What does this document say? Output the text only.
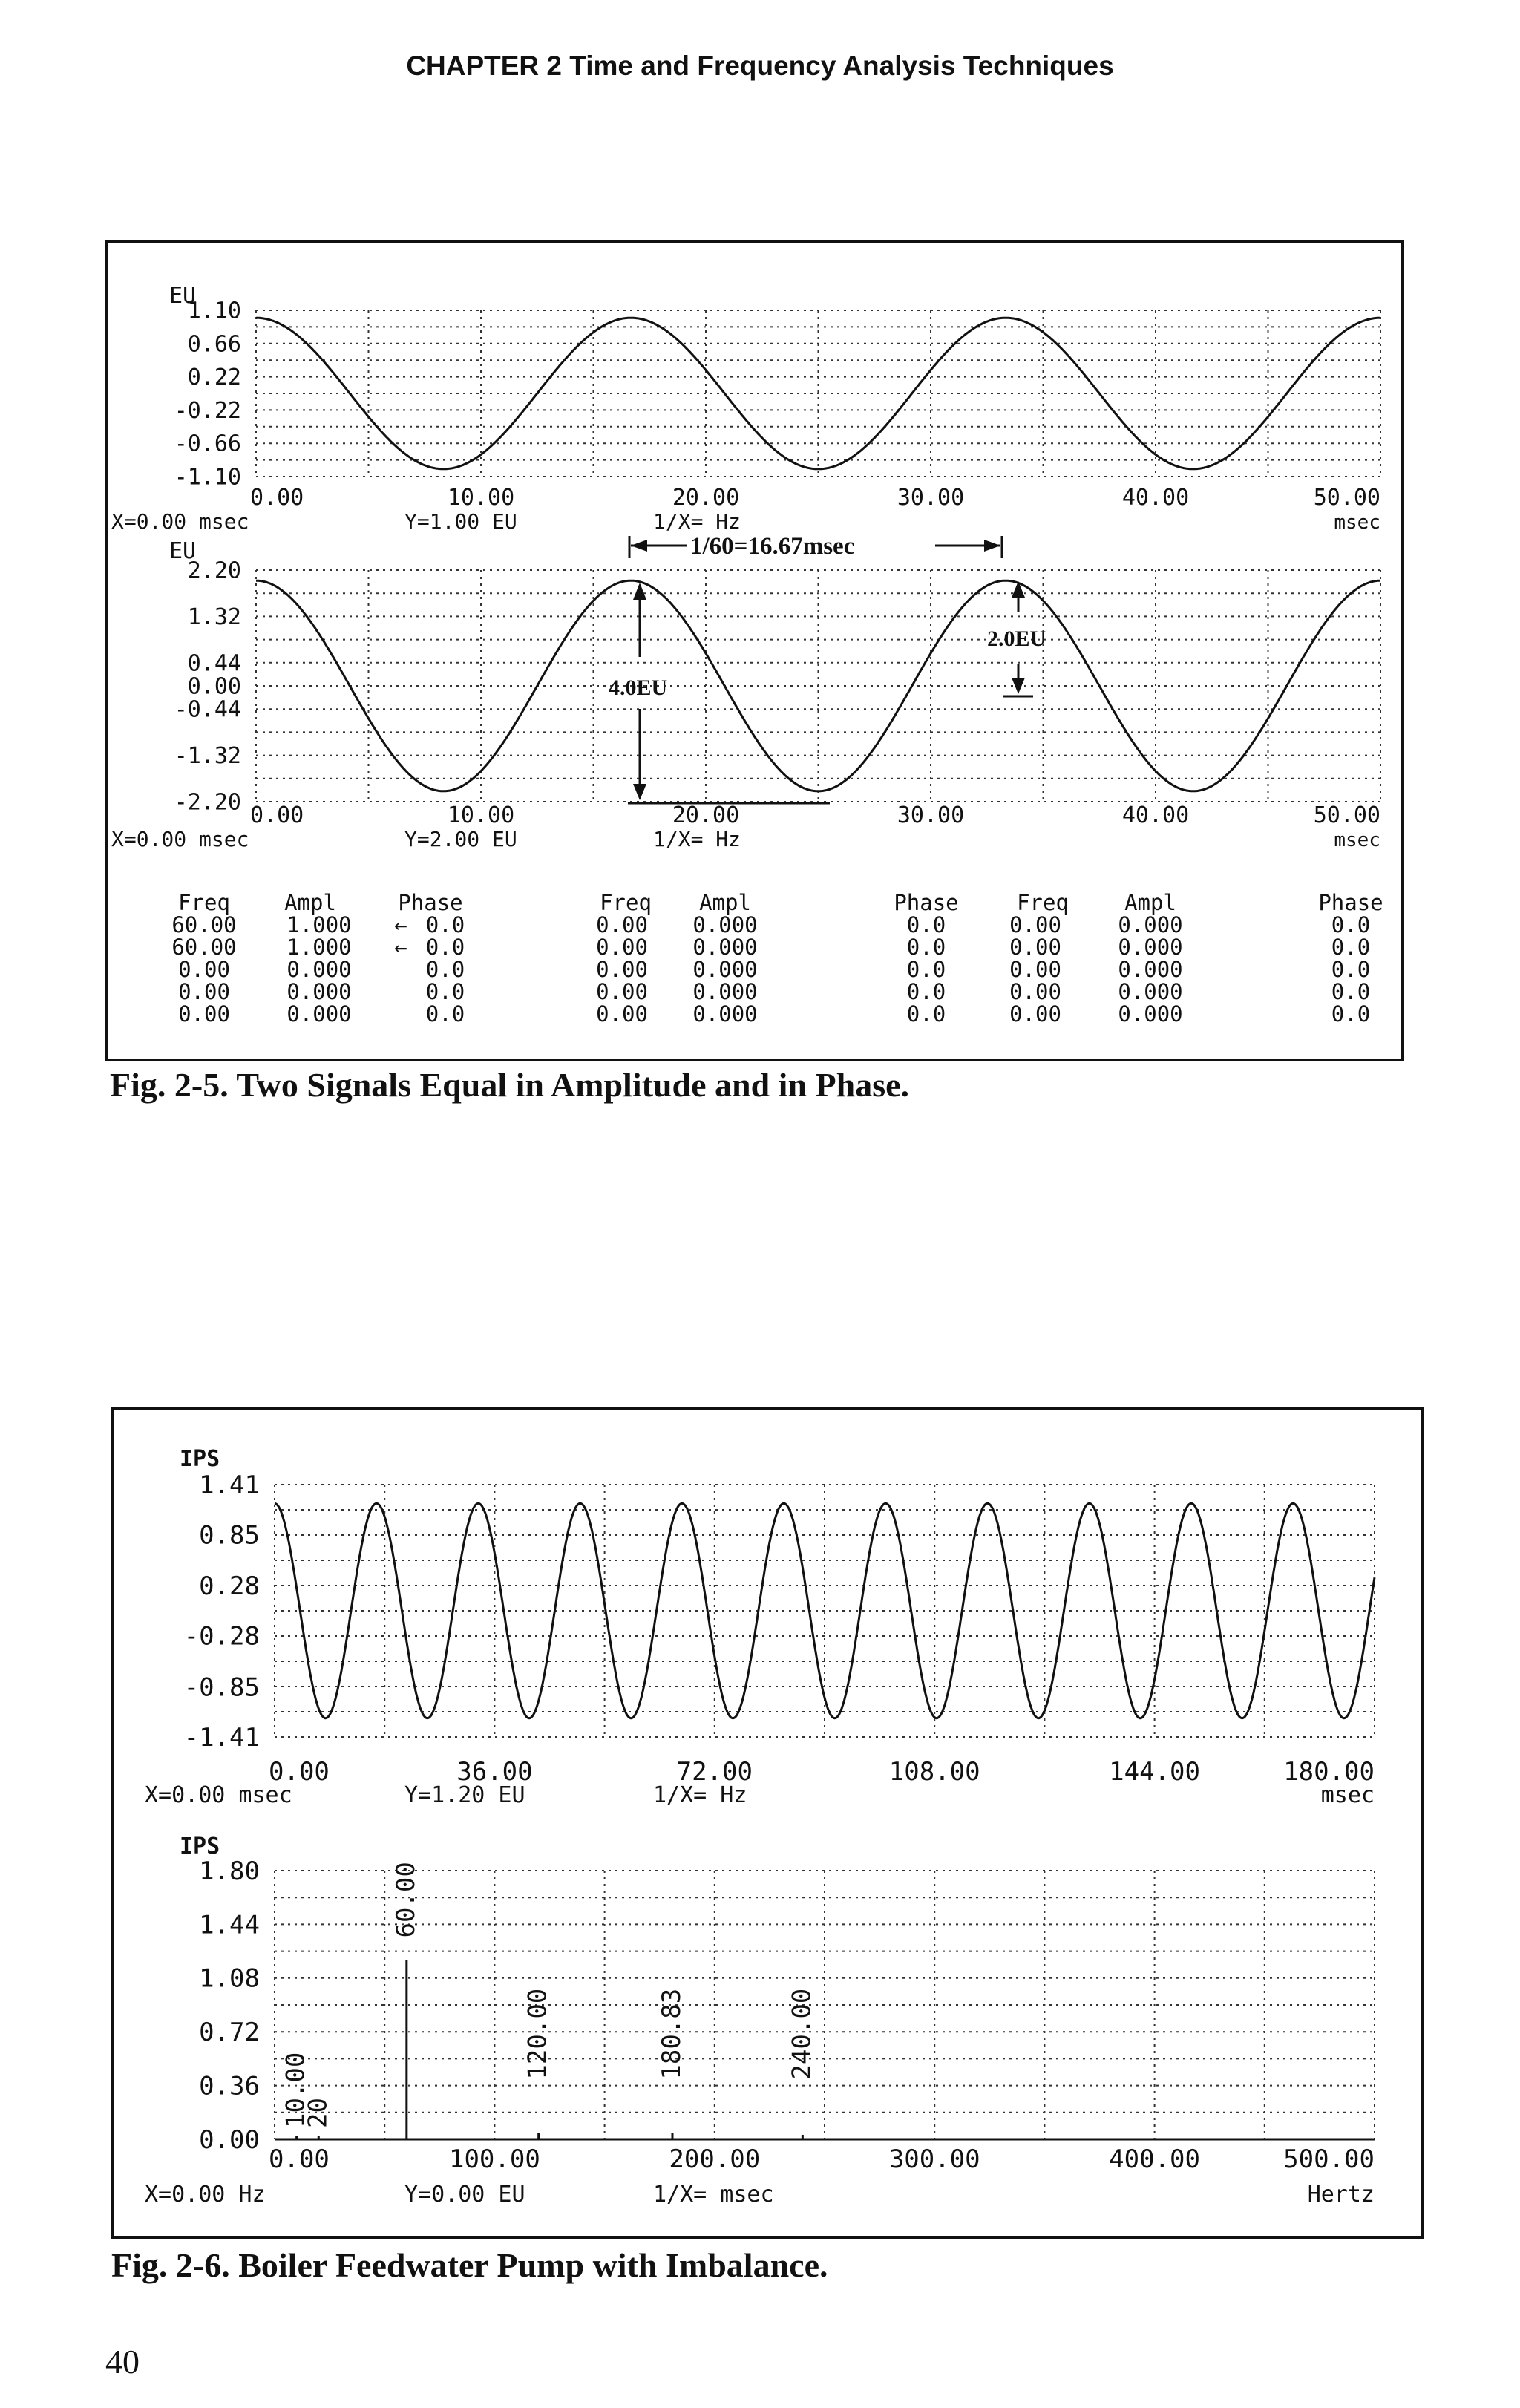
CHAPTER 2 Time and Frequency Analysis Techniques
EU
1.10
0.66
0.22
-0.22
-0.66
-1.10
0.00	10.00	20.00	30.00	40.00	50.00
X=0.00 msec	Y=1.00 EU	1/X= Hz	msec
EU
2.20
1.32
0.44
0.00
-0.44
-1.32
-2.20 0.00	10.00	20.00	30.00	40.00	50.00
X=0.00 msec	Y=2.00 EU	1/X= Hz	msec
1/60=16.67msec
4.0EU
2.0EU
Freq	Ampl	Phase	Freq Ampl	Phase	Freq	Ampl	Phase
60.00 1.000 ← 0.0	0.00 0.000	0.0	0.00	0.000	0.0
60.00 1.000 ← 0.0	0.00 0.000	0.0	0.00	0.000	0.0
0.00	0.000	0.0	0.00 0.000	0.0	0.00	0.000	0.0
0.00	0.000	0.0	0.00 0.000	0.0	0.00	0.000	0.0
0.00	0.000	0.0	0.00 0.000	0.0	0.00	0.000	0.0
IPS
1.41
0.85
0.28
-0.28
-0.85
-1.41
0.00	36.00	72.00	108.00	144.00	180.00
X=0.00 msec	Y=1.20 EU	1/X= Hz	msec
IPS
1.80
1.44
1.08
0.72
0.36
0.00
0.00	100.00	200.00	300.00	400.00	500.00
10.00
20
60.00
120.00	180.83	240.00
X=0.00 Hz	Y=0.00 EU	1/X= msec	Hertz
Fig. 2-5. Two Signals Equal in Amplitude and in Phase.
Fig. 2-6. Boiler Feedwater Pump with Imbalance.
40
